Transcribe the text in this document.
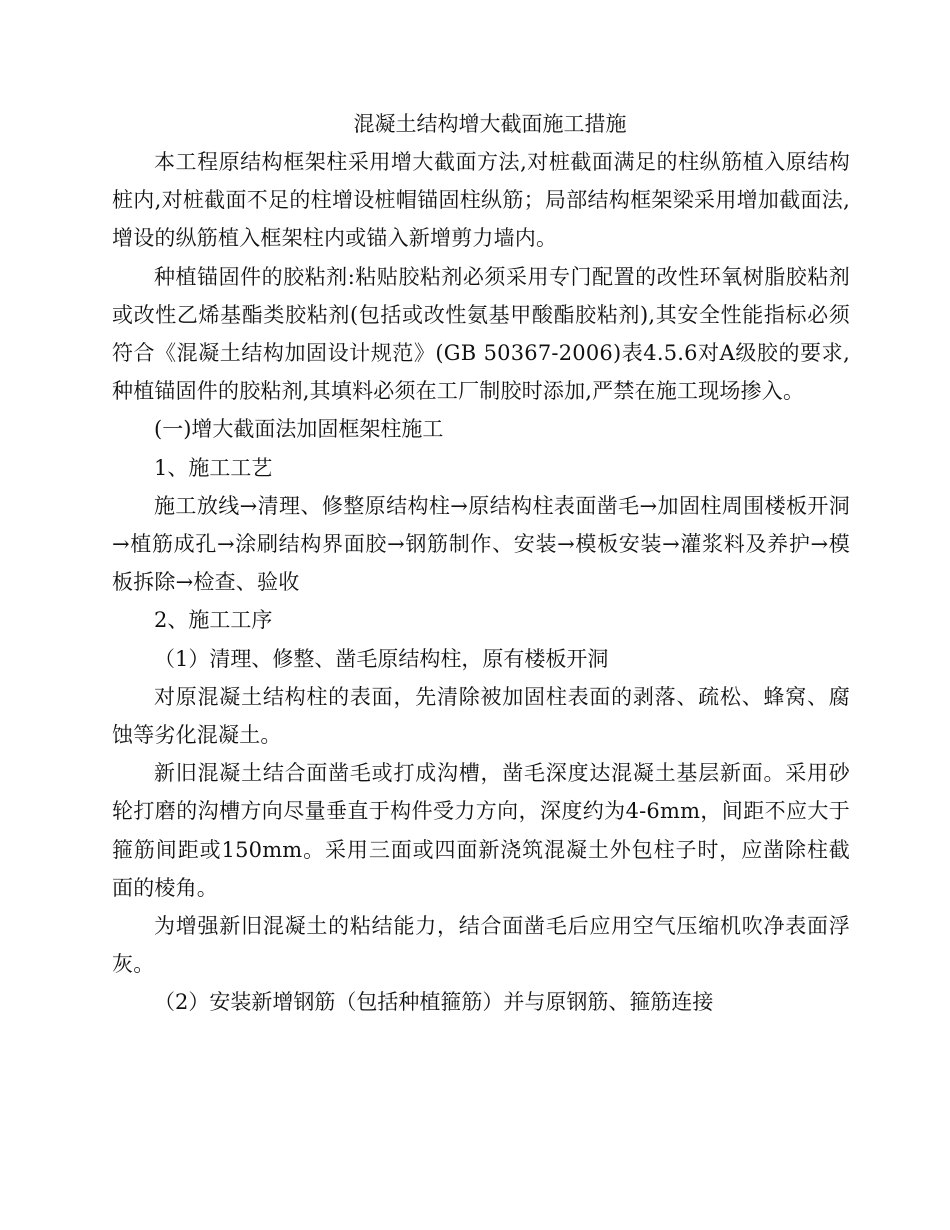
混凝土结构增大截面施工措施

本工程原结构框架柱采用增大截面方法,对桩截面满足的柱纵筋植入原结构桩内,对桩截面不足的柱增设桩帽锚固柱纵筋；局部结构框架梁采用增加截面法,增设的纵筋植入框架柱内或锚入新增剪力墙内。

种植锚固件的胶粘剂:粘贴胶粘剂必须采用专门配置的改性环氧树脂胶粘剂或改性乙烯基酯类胶粘剂(包括或改性氨基甲酸酯胶粘剂),其安全性能指标必须符合《混凝土结构加固设计规范》(GB 50367-2006)表4.5.6对A级胶的要求,种植锚固件的胶粘剂,其填料必须在工厂制胶时添加,严禁在施工现场掺入。

(一)增大截面法加固框架柱施工

1、施工工艺

施工放线→清理、修整原结构柱→原结构柱表面凿毛→加固柱周围楼板开洞→植筋成孔→涂刷结构界面胶→钢筋制作、安装→模板安装→灌浆料及养护→模板拆除→检查、验收

2、施工工序

（1）清理、修整、凿毛原结构柱，原有楼板开洞

对原混凝土结构柱的表面，先清除被加固柱表面的剥落、疏松、蜂窝、腐蚀等劣化混凝土。

新旧混凝土结合面凿毛或打成沟槽，凿毛深度达混凝土基层新面。采用砂轮打磨的沟槽方向尽量垂直于构件受力方向，深度约为4-6mm，间距不应大于箍筋间距或150mm。采用三面或四面新浇筑混凝土外包柱子时，应凿除柱截面的棱角。

为增强新旧混凝土的粘结能力，结合面凿毛后应用空气压缩机吹净表面浮灰。

（2）安装新增钢筋（包括种植箍筋）并与原钢筋、箍筋连接
